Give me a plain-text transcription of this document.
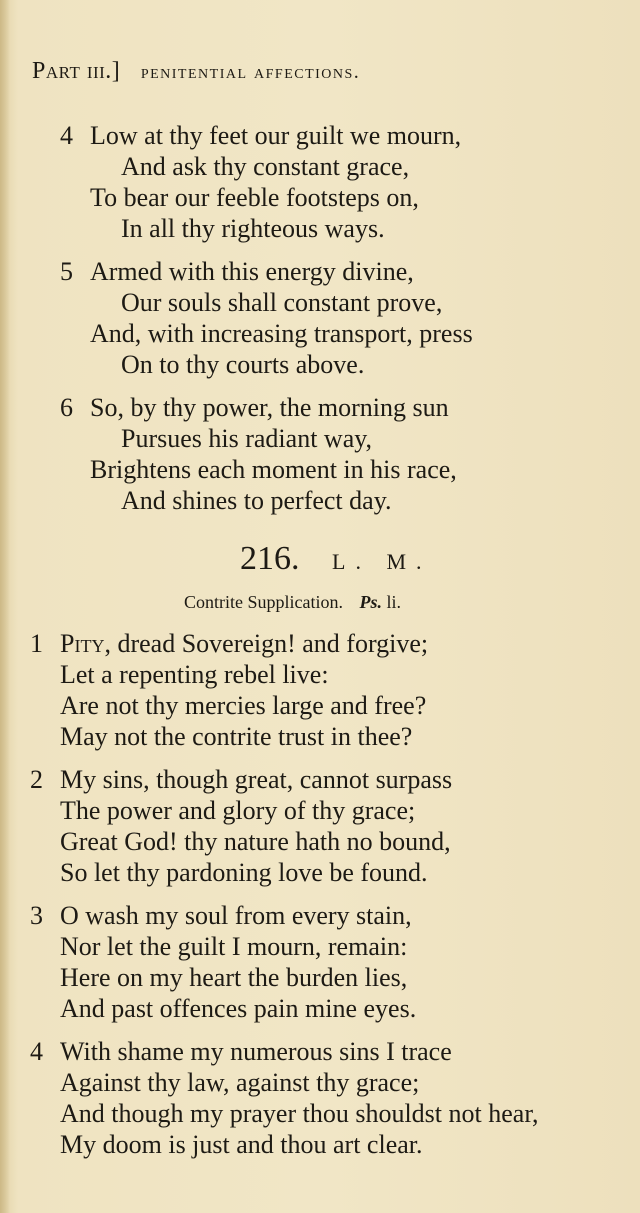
Part iii.] penitential affections.
4 Low at thy feet our guilt we mourn,
And ask thy constant grace,
To bear our feeble footsteps on,
In all thy righteous ways.
5 Armed with this energy divine,
Our souls shall constant prove,
And, with increasing transport, press
On to thy courts above.
6 So, by thy power, the morning sun
Pursues his radiant way,
Brightens each moment in his race,
And shines to perfect day.
216. L. M.
Contrite Supplication. Ps. li.
1 Pity, dread Sovereign! and forgive;
Let a repenting rebel live:
Are not thy mercies large and free?
May not the contrite trust in thee?
2 My sins, though great, cannot surpass
The power and glory of thy grace;
Great God! thy nature hath no bound,
So let thy pardoning love be found.
3 O wash my soul from every stain,
Nor let the guilt I mourn, remain:
Here on my heart the burden lies,
And past offences pain mine eyes.
4 With shame my numerous sins I trace
Against thy law, against thy grace;
And though my prayer thou shouldst not hear,
My doom is just and thou art clear.
